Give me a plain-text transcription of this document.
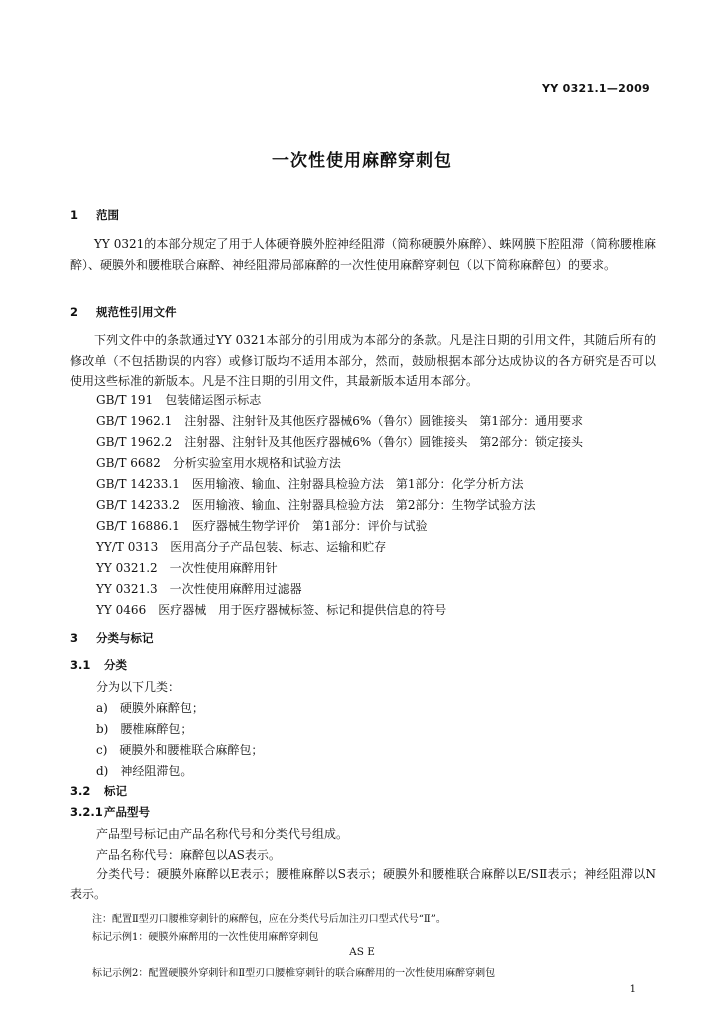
YY 0321.1—2009
一次性使用麻醉穿刺包
1 范围
YY 0321的本部分规定了用于人体硬脊膜外腔神经阻滞（简称硬膜外麻醉）、蛛网膜下腔阻滞（简称腰椎麻醉）、硬膜外和腰椎联合麻醉、神经阻滞局部麻醉的一次性使用麻醉穿刺包（以下简称麻醉包）的要求。
2 规范性引用文件
下列文件中的条款通过YY 0321本部分的引用成为本部分的条款。凡是注日期的引用文件，其随后所有的修改单（不包括勘误的内容）或修订版均不适用本部分，然而，鼓励根据本部分达成协议的各方研究是否可以使用这些标准的新版本。凡是不注日期的引用文件，其最新版本适用本部分。
GB/T 191　 包装储运图示标志
GB/T 1962.1　 注射器、注射针及其他医疗器械6%（鲁尔）圆锥接头　第1部分：通用要求
GB/T 1962.2　 注射器、注射针及其他医疗器械6%（鲁尔）圆锥接头　第2部分：锁定接头
GB/T 6682　 分析实验室用水规格和试验方法
GB/T 14233.1　 医用输液、输血、注射器具检验方法　第1部分：化学分析方法
GB/T 14233.2　 医用输液、输血、注射器具检验方法　第2部分：生物学试验方法
GB/T 16886.1　 医疗器械生物学评价　第1部分：评价与试验
YY/T 0313　 医用高分子产品包装、标志、运输和贮存
YY 0321.2　 一次性使用麻醉用针
YY 0321.3　 一次性使用麻醉用过滤器
YY 0466　 医疗器械　用于医疗器械标签、标记和提供信息的符号
3 分类与标记
3.1 分类
分为以下几类：
a)　 硬膜外麻醉包；
b)　 腰椎麻醉包；
c)　 硬膜外和腰椎联合麻醉包；
d)　 神经阻滞包。
3.2 标记
3.2.1产品型号
产品型号标记由产品名称代号和分类代号组成。
产品名称代号：麻醉包以AS表示。
分类代号：硬膜外麻醉以E表示；腰椎麻醉以S表示；硬膜外和腰椎联合麻醉以E/SⅡ表示；神经阻滞以N表示。
注：配置Ⅱ型刃口腰椎穿刺针的麻醉包，应在分类代号后加注刃口型式代号“Ⅱ”。
标记示例1：硬膜外麻醉用的一次性使用麻醉穿刺包
AS E
标记示例2：配置硬膜外穿刺针和Ⅱ型刃口腰椎穿刺针的联合麻醉用的一次性使用麻醉穿刺包
1
